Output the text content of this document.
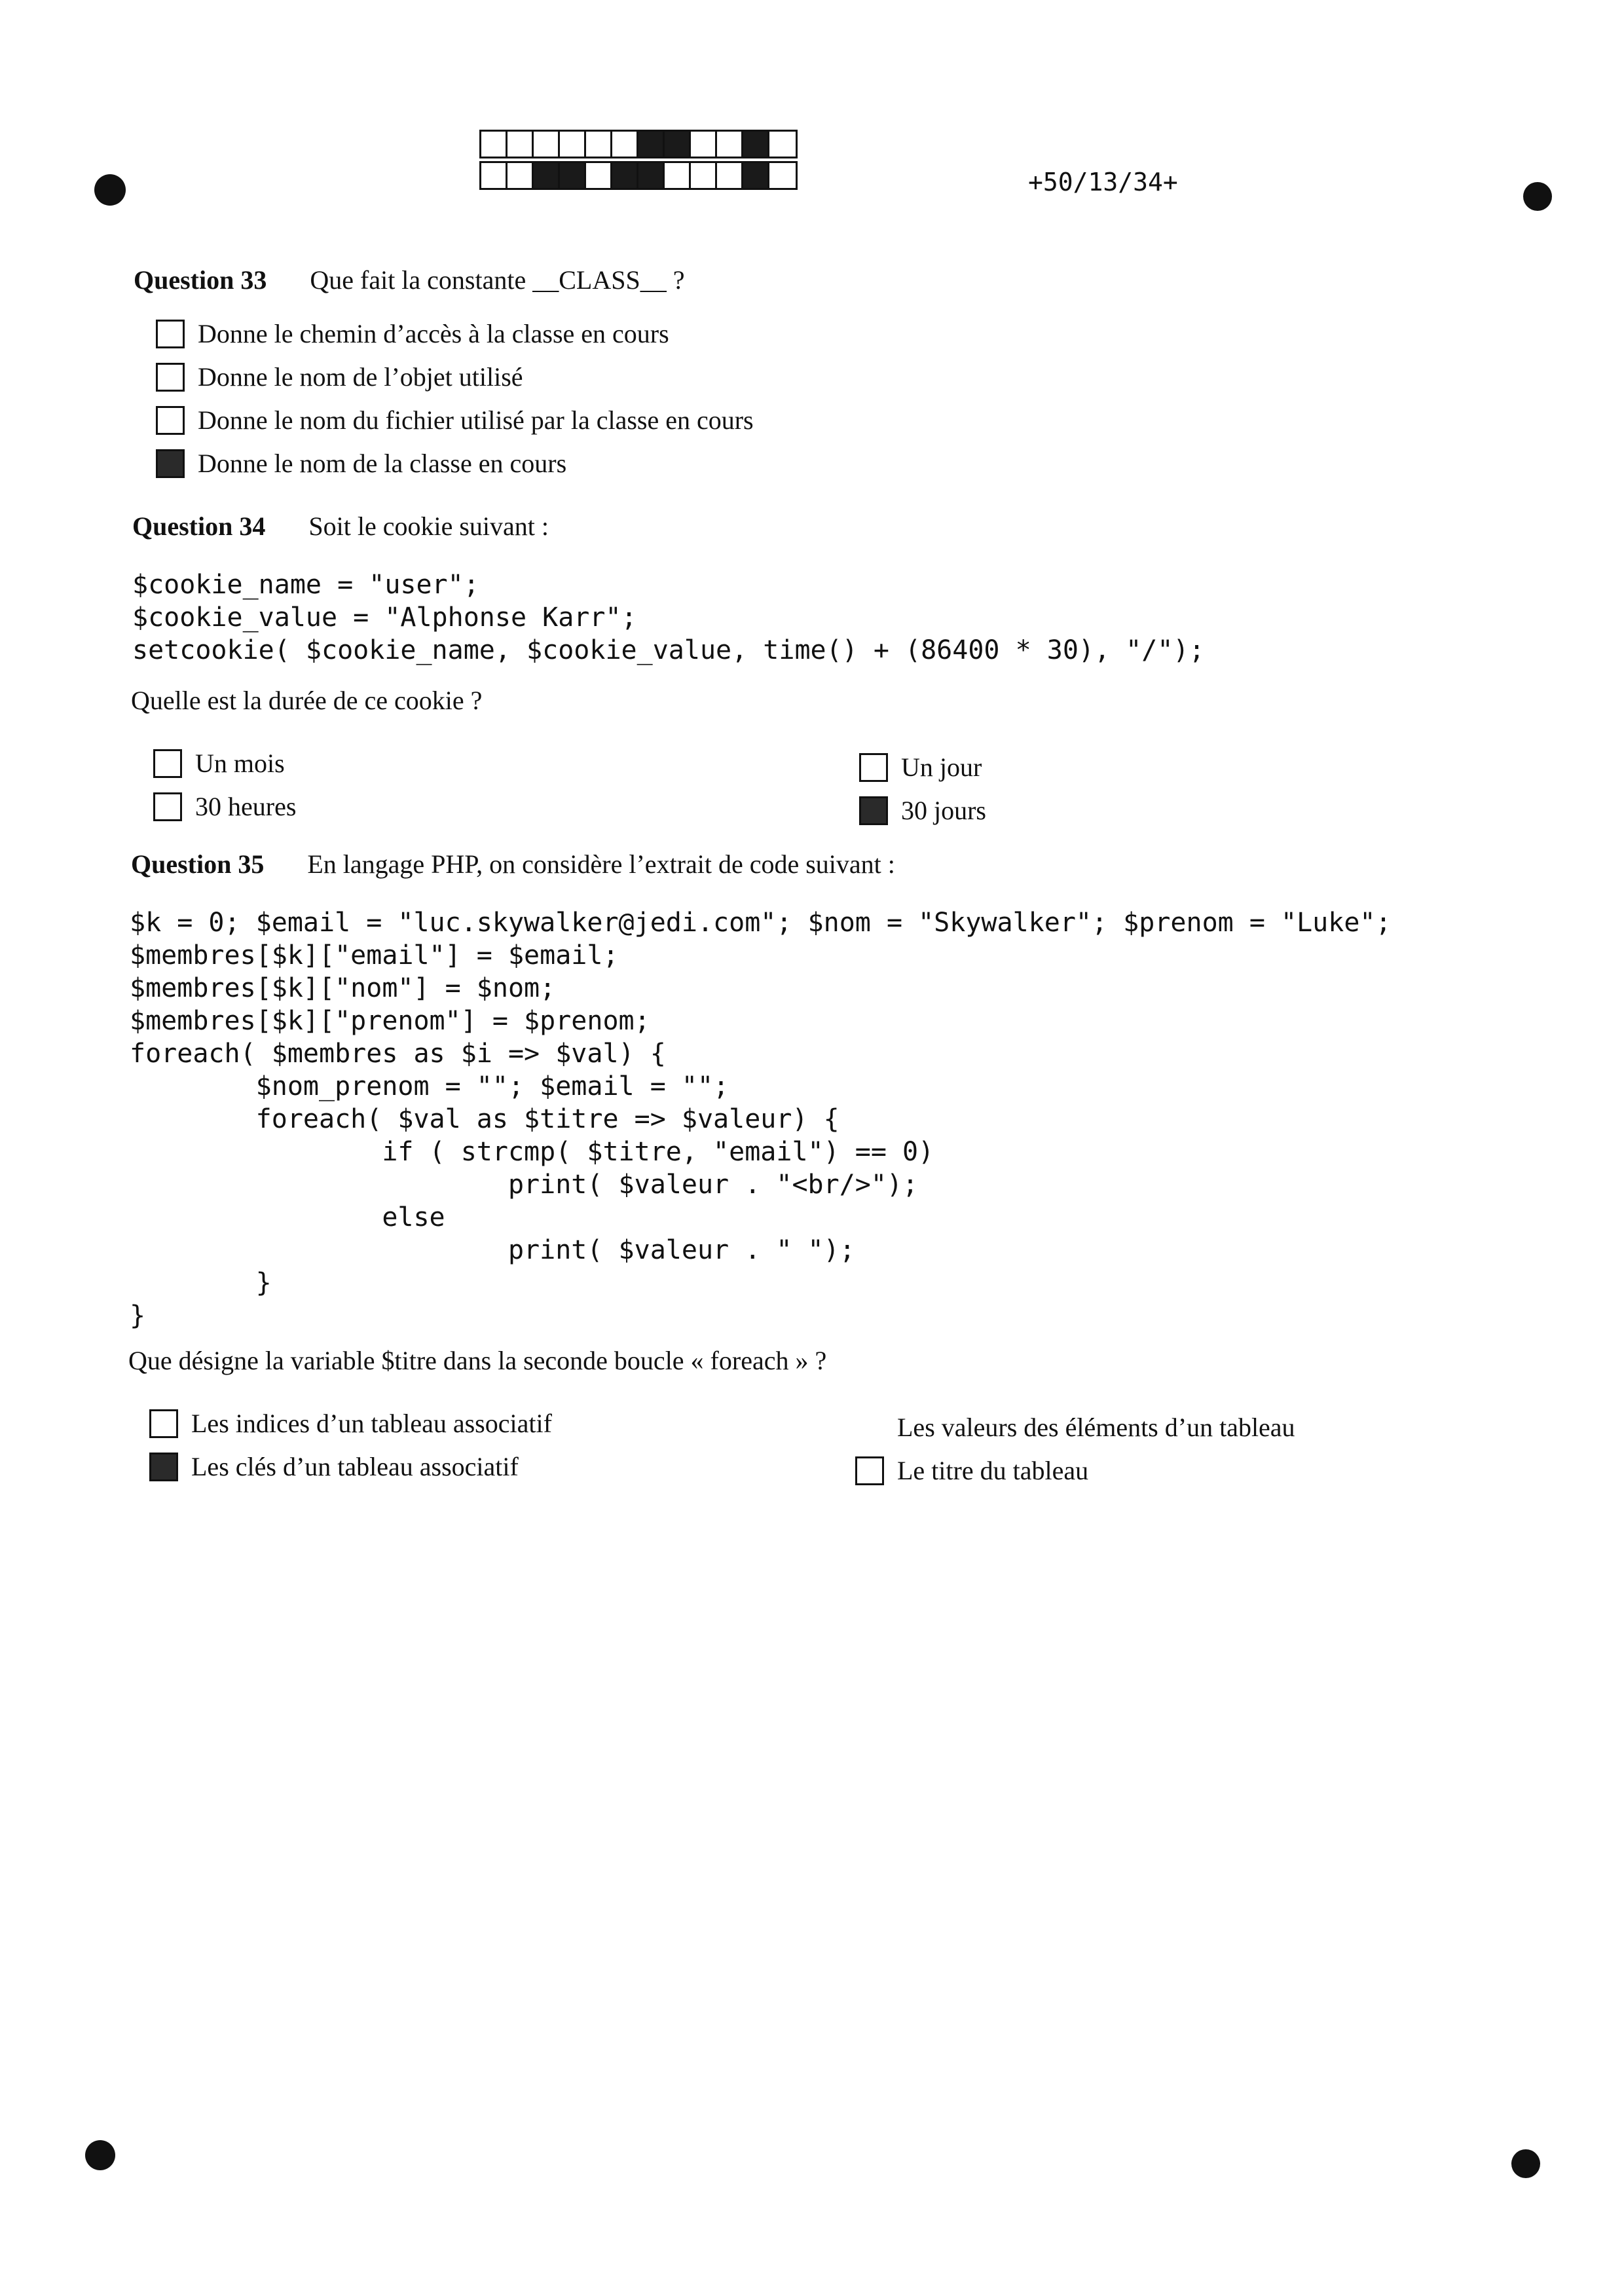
+50/13/34+
Question 33 Que fait la constante __CLASS__ ?
Donne le chemin d’accès à la classe en cours
Donne le nom de l’objet utilisé
Donne le nom du fichier utilisé par la classe en cours
Donne le nom de la classe en cours
Question 34 Soit le cookie suivant :
$cookie_name = "user";
$cookie_value = "Alphonse Karr";
setcookie( $cookie_name, $cookie_value, time() + (86400 * 30), "/");
Quelle est la durée de ce cookie ?
Un mois
30 heures
Un jour
30 jours
Question 35 En langage PHP, on considère l’extrait de code suivant :
$k = 0; $email = "luc.skywalker@jedi.com"; $nom = "Skywalker"; $prenom = "Luke";
$membres[$k]["email"] = $email;
$membres[$k]["nom"] = $nom;
$membres[$k]["prenom"] = $prenom;
foreach( $membres as $i => $val) {
$nom_prenom = ""; $email = "";
foreach( $val as $titre => $valeur) {
if ( strcmp( $titre, "email") == 0)
print( $valeur . "<br/>");
else
print( $valeur . " ");
}
}
Que désigne la variable $titre dans la seconde boucle « foreach » ?
Les indices d’un tableau associatif
Les clés d’un tableau associatif
Les valeurs des éléments d’un tableau
Le titre du tableau
